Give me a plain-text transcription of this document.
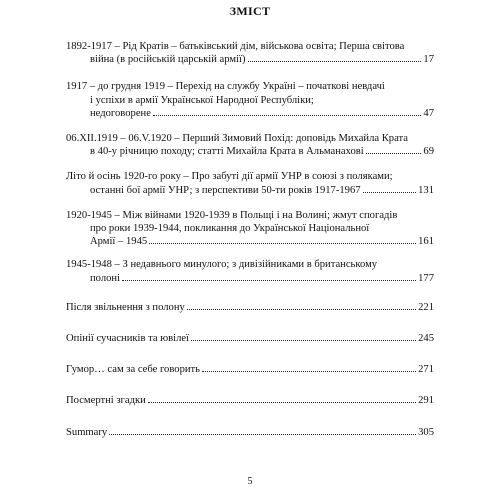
ЗМІСТ
1892-1917 – Рід Кратів – батьківський дім, військова освіта; Перша світова
війна (в російській царській армії)	17
1917 – до грудня 1919 – Перехід на службу Україні – початкові невдачі
і успіхи в армії Української Народної Республіки;
недоговорене	47
06.XII.1919 – 06.V.1920 – Перший Зимовий Похід: доповідь Михайла Крата
в 40-у річницю походу; статті Михайла Крата в Альманахові	69
Літо й осінь 1920-го року – Про забуті дії армії УНР в союзі з поляками;
останні бої армії УНР; з перспективи 50-ти років 1917-1967	131
1920-1945 – Між війнами 1920-1939 в Польщі і на Волині; жмут спогадів
про роки 1939-1944, покликання до Української Національної
Армії – 1945	161
1945-1948 – З недавнього минулого; з дивізійниками в британському
полоні	177
Після звільнення з полону	221
Опінії сучасників та ювілеї	245
Гумор… сам за себе говорить	271
Посмертні згадки	291
Summary	305
5
